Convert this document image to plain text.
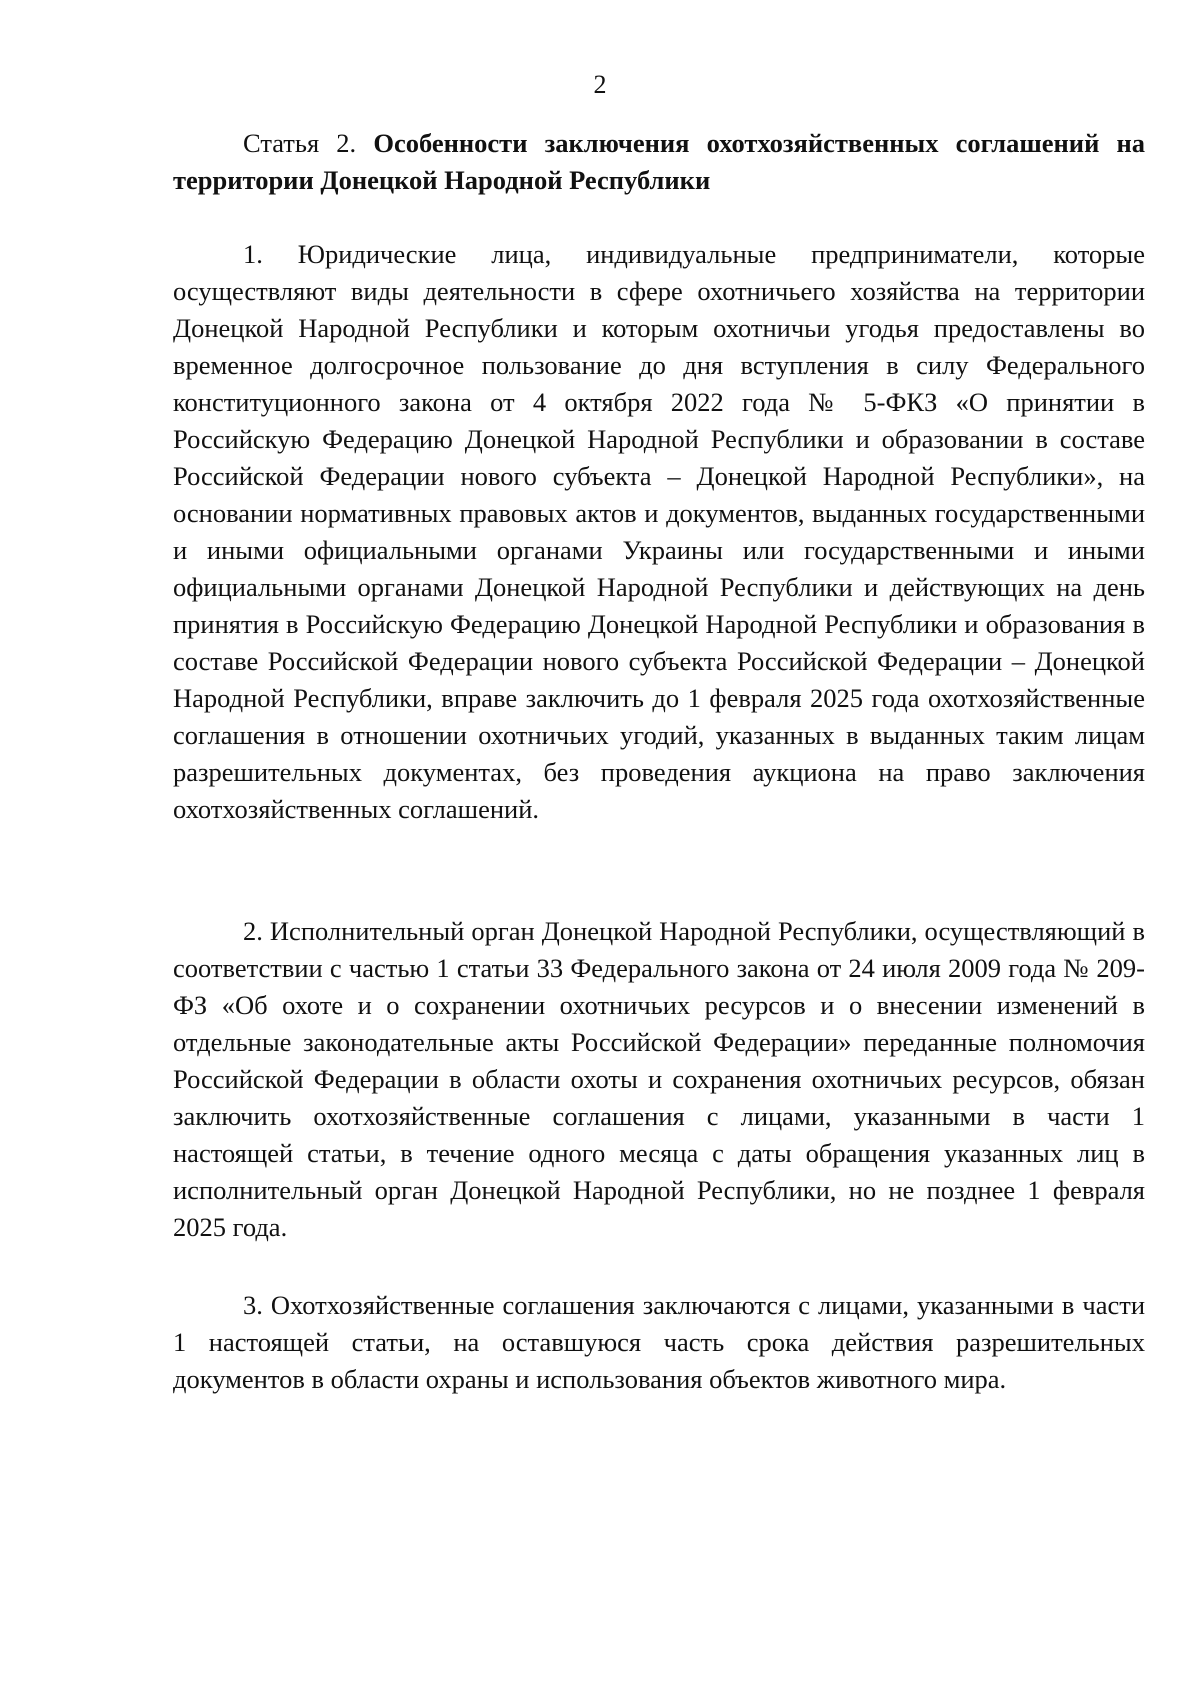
2

Статья 2. Особенности заключения охотхозяйственных соглашений на территории Донецкой Народной Республики

1. Юридические лица, индивидуальные предприниматели, которые осуществляют виды деятельности в сфере охотничьего хозяйства на территории Донецкой Народной Республики и которым охотничьи угодья предоставлены во временное долгосрочное пользование до дня вступления в силу Федерального конституционного закона от 4 октября 2022 года № 5-ФКЗ «О принятии в Российскую Федерацию Донецкой Народной Республики и образовании в составе Российской Федерации нового субъекта – Донецкой Народной Республики», на основании нормативных правовых актов и документов, выданных государственными и иными официальными органами Украины или государственными и иными официальными органами Донецкой Народной Республики и действующих на день принятия в Российскую Федерацию Донецкой Народной Республики и образования в составе Российской Федерации нового субъекта Российской Федерации – Донецкой Народной Республики, вправе заключить до 1 февраля 2025 года охотхозяйственные соглашения в отношении охотничьих угодий, указанных в выданных таким лицам разрешительных документах, без проведения аукциона на право заключения охотхозяйственных соглашений.

2. Исполнительный орган Донецкой Народной Республики, осуществляющий в соответствии с частью 1 статьи 33 Федерального закона от 24 июля 2009 года № 209-ФЗ «Об охоте и о сохранении охотничьих ресурсов и о внесении изменений в отдельные законодательные акты Российской Федерации» переданные полномочия Российской Федерации в области охоты и сохранения охотничьих ресурсов, обязан заключить охотхозяйственные соглашения с лицами, указанными в части 1 настоящей статьи, в течение одного месяца с даты обращения указанных лиц в исполнительный орган Донецкой Народной Республики, но не позднее 1 февраля 2025 года.

3. Охотхозяйственные соглашения заключаются с лицами, указанными в части 1 настоящей статьи, на оставшуюся часть срока действия разрешительных документов в области охраны и использования объектов животного мира.
